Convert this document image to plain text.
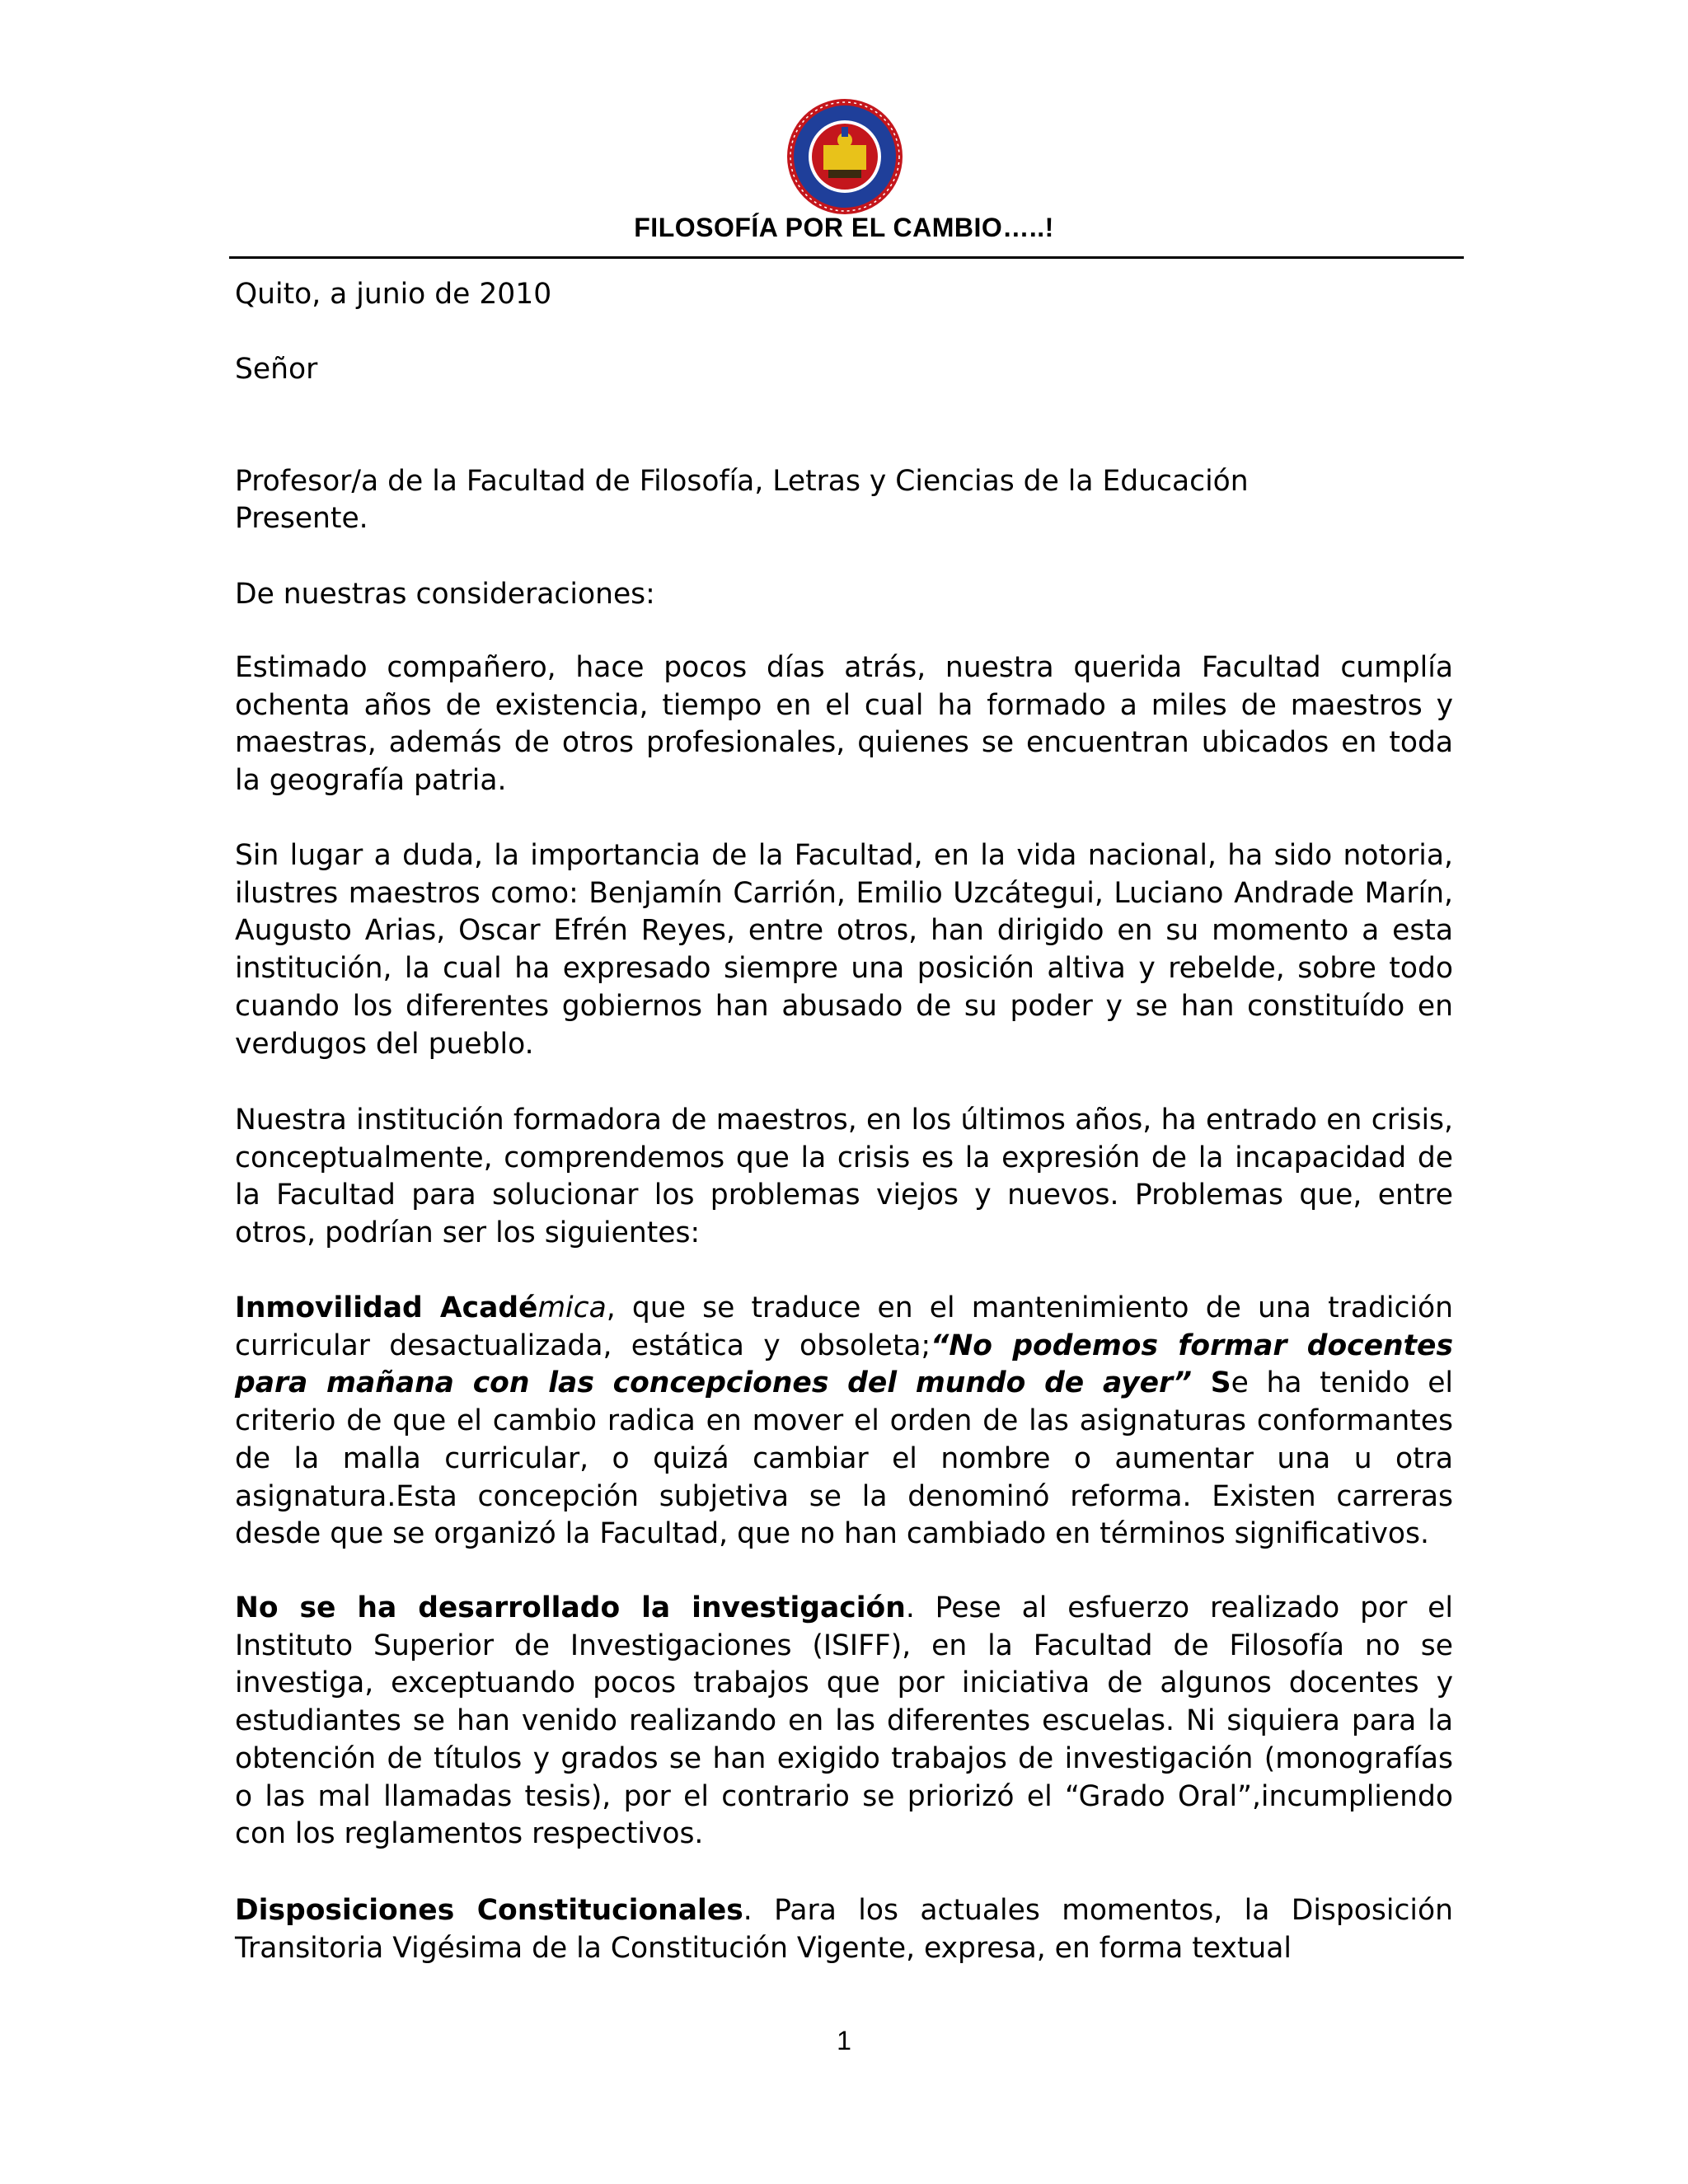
FILOSOFÍA POR EL CAMBIO…..!

Quito, a junio de 2010

Señor

Profesor/a de la Facultad de Filosofía, Letras y Ciencias de la Educación

Presente.

De nuestras consideraciones:

Estimado compañero, hace pocos días atrás, nuestra querida Facultad cumplía ochenta años de existencia, tiempo en el cual ha formado a miles de maestros y maestras, además de otros profesionales, quienes se encuentran ubicados en toda la geografía patria.

Sin lugar a duda, la importancia de la Facultad, en la vida nacional, ha sido notoria, ilustres maestros como: Benjamín Carrión, Emilio Uzcátegui, Luciano Andrade Marín, Augusto Arias, Oscar Efrén Reyes, entre otros, han dirigido en su momento a esta institución, la cual ha expresado siempre una posición altiva y rebelde, sobre todo cuando los diferentes gobiernos han abusado de su poder y se han constituído en verdugos del pueblo.

Nuestra institución formadora de maestros, en los últimos años, ha entrado en crisis, conceptualmente, comprendemos que la crisis es la expresión de la incapacidad de la Facultad para solucionar los problemas viejos y nuevos. Problemas que, entre otros, podrían ser los siguientes:

Inmovilidad Académica, que se traduce en el mantenimiento de una tradición curricular desactualizada, estática y obsoleta;“No podemos formar docentes para mañana con las concepciones del mundo de ayer” Se ha tenido el criterio de que el cambio radica en mover el orden de las asignaturas conformantes de la malla curricular, o quizá cambiar el nombre o aumentar una u otra asignatura.Esta concepción subjetiva se la denominó reforma. Existen carreras desde que se organizó la Facultad, que no han cambiado en términos significativos.

No se ha desarrollado la investigación. Pese al esfuerzo realizado por el Instituto Superior de Investigaciones (ISIFF), en la Facultad de Filosofía no se investiga, exceptuando pocos trabajos que por iniciativa de algunos docentes y estudiantes se han venido realizando en las diferentes escuelas. Ni siquiera para la obtención de títulos y grados se han exigido trabajos de investigación (monografías o las mal llamadas tesis), por el contrario se priorizó el “Grado Oral”,incumpliendo con los reglamentos respectivos.

Disposiciones Constitucionales. Para los actuales momentos, la Disposición Transitoria Vigésima de la Constitución Vigente, expresa, en forma textual

1
